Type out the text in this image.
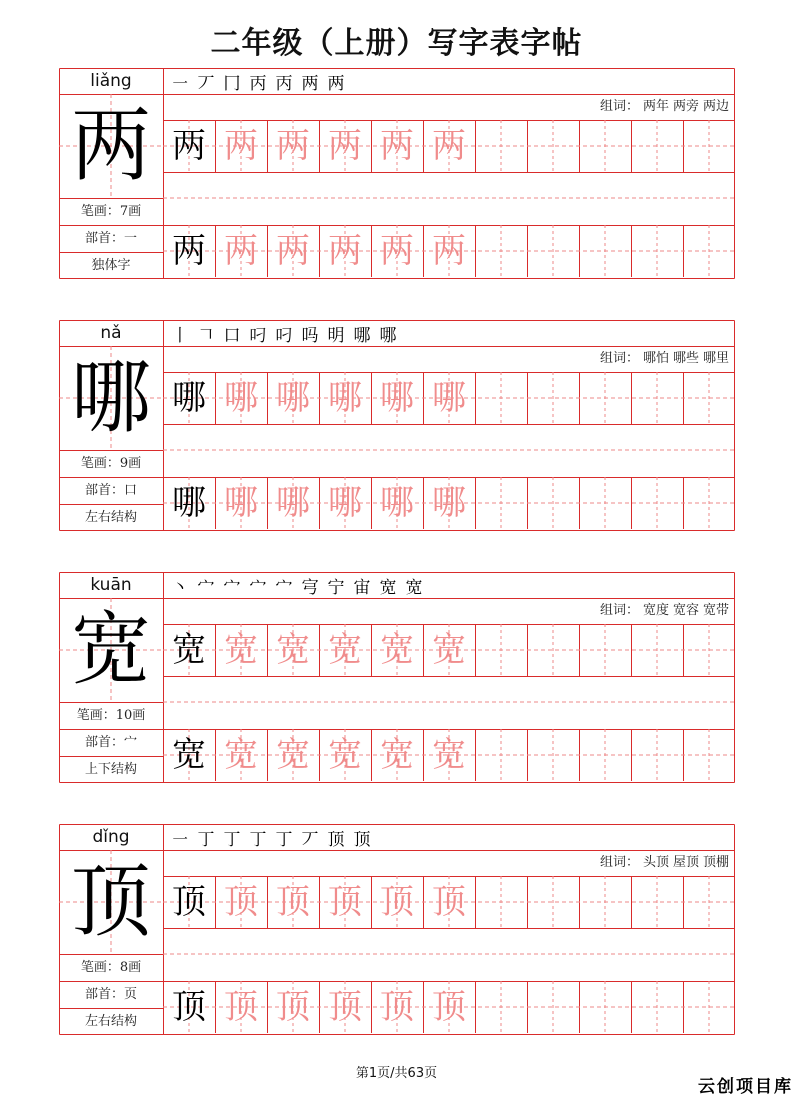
二年级（上册）写字表字帖
liǎng
两
笔画：7画
部首：一
独体字
㇐ 丆 冂 丙 丙 两 两
组词： 两年 两旁 两边
两 两 两 两 两 两
两 两 两 两 两 两
nǎ
哪
笔画：9画
部首：口
左右结构
丨 𠃍 口 叼 叼 吗 明 哪 哪
组词： 哪怕 哪些 哪里
哪 哪 哪 哪 哪 哪
哪 哪 哪 哪 哪 哪
kuān
宽
笔画：10画
部首：宀
上下结构
丶 宀 宀 宀 宀 宆 宁 宙 宽 宽
组词： 宽度 宽容 宽带
宽 宽 宽 宽 宽 宽
宽 宽 宽 宽 宽 宽
dǐng
顶
笔画：8画
部首：页
左右结构
㇐ 丁 丁 丁 丁 丆 顶 顶
组词： 头顶 屋顶 顶棚
顶 顶 顶 顶 顶 顶
顶 顶 顶 顶 顶 顶
第1页/共63页
云创项目库
